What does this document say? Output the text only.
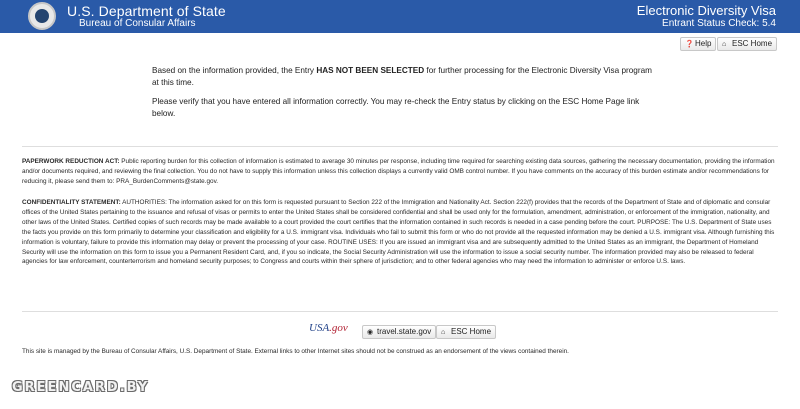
U.S. Department of State
Bureau of Consular Affairs
Electronic Diversity Visa
Entrant Status Check: 5.4
❓Help	⌂ ESC Home

Based on the information provided, the Entry HAS NOT BEEN SELECTED for further processing for the Electronic Diversity Visa program at this time.

Please verify that you have entered all information correctly. You may re-check the Entry status by clicking on the ESC Home Page link below.

PAPERWORK REDUCTION ACT: Public reporting burden for this collection of information is estimated to average 30 minutes per response, including time required for searching existing data sources, gathering the necessary documentation, providing the information and/or documents required, and reviewing the final collection. You do not have to supply this information unless this collection displays a currently valid OMB control number. If you have comments on the accuracy of this burden estimate and/or recommendations for reducing it, please send them to: PRA_BurdenComments@state.gov.
CONFIDENTIALITY STATEMENT: AUTHORITIES: The information asked for on this form is requested pursuant to Section 222 of the Immigration and Nationality Act. Section 222(f) provides that the records of the Department of State and of diplomatic and consular offices of the United States pertaining to the issuance and refusal of visas or permits to enter the United States shall be considered confidential and shall be used only for the formulation, amendment, administration, or enforcement of the immigration, nationality, and other laws of the United States. Certified copies of such records may be made available to a court provided the court certifies that the information contained in such records is needed in a case pending before the court. PURPOSE: The U.S. Department of State uses the facts you provide on this form primarily to determine your classification and eligibility for a U.S. immigrant visa. Individuals who fail to submit this form or who do not provide all the requested information may be denied a U.S. immigrant visa. Although furnishing this information is voluntary, failure to provide this information may delay or prevent the processing of your case. ROUTINE USES: If you are issued an immigrant visa and are subsequently admitted to the United States as an immigrant, the Department of Homeland Security will use the information on this form to issue you a Permanent Resident Card, and, if you so indicate, the Social Security Administration will use the information to issue a social security number. The information provided may also be released to federal agencies for law enforcement, counterterrorism and homeland security purposes; to Congress and courts within their sphere of jurisdiction; and to other federal agencies who may need the information to administer or enforce U.S. laws.
USA.gov	◉ travel.state.gov	⌂ ESC Home
This site is managed by the Bureau of Consular Affairs, U.S. Department of State. External links to other Internet sites should not be construed as an endorsement of the views contained therein.
GREENCARD.BY
